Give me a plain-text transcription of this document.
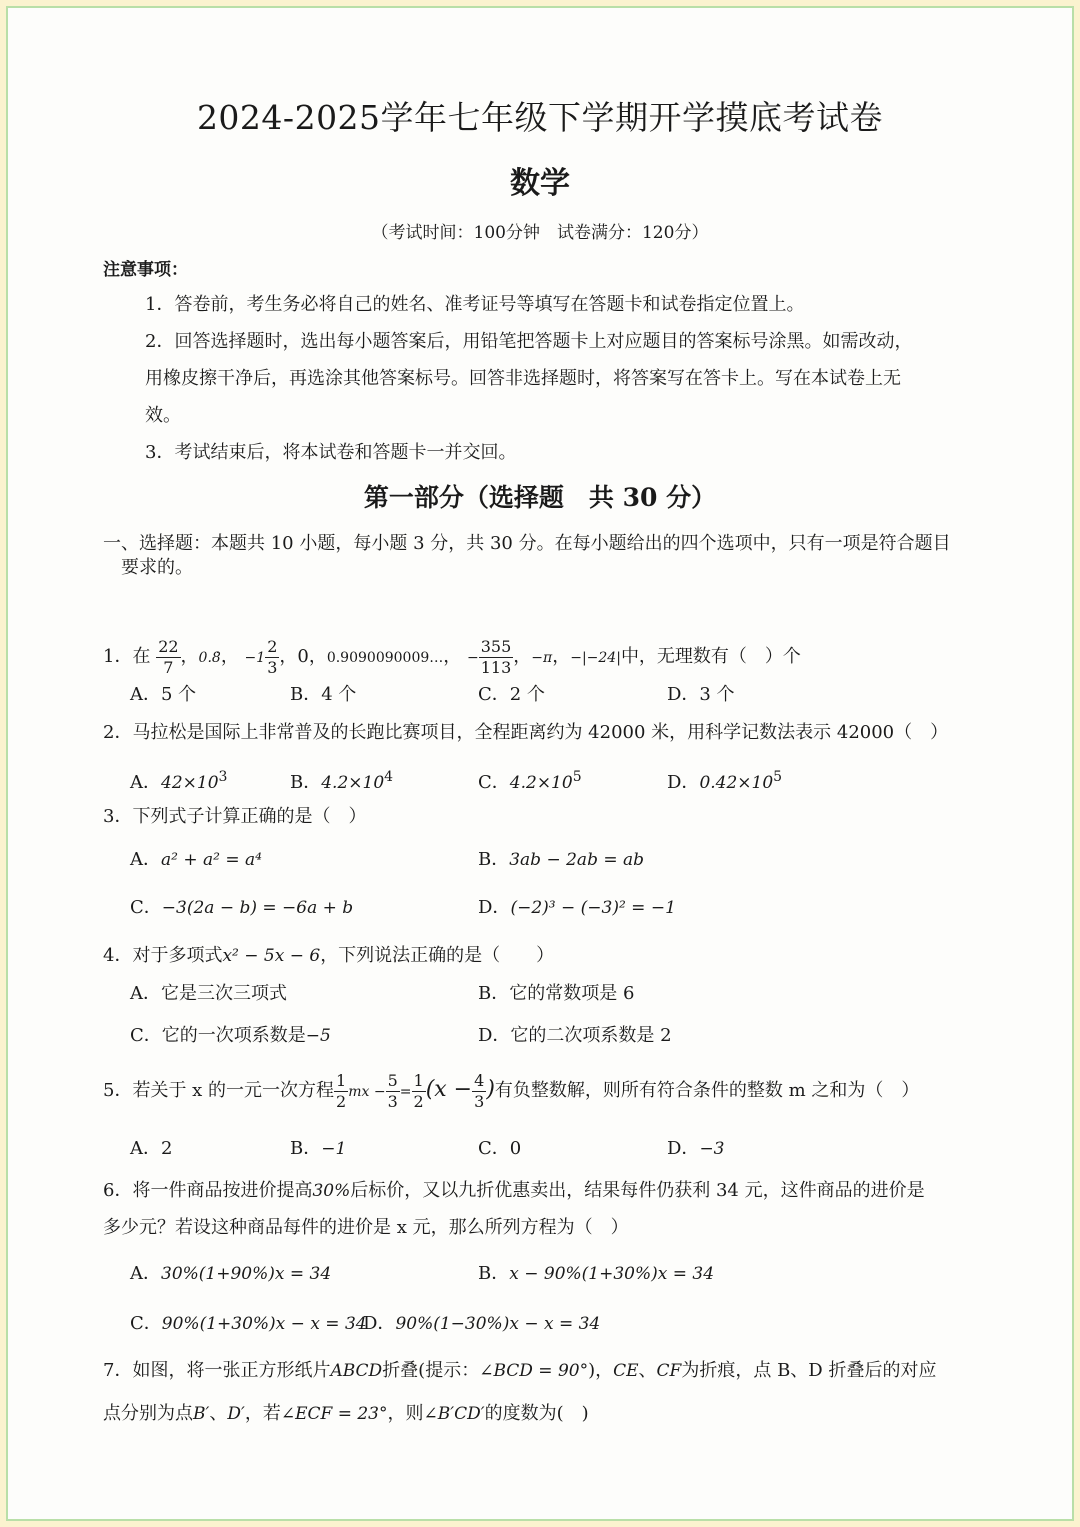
2024-2025学年七年级下学期开学摸底考试卷
数学
（考试时间：100分钟　试卷满分：120分）
注意事项：
1．答卷前，考生务必将自己的姓名、准考证号等填写在答题卡和试卷指定位置上。
2．回答选择题时，选出每小题答案后，用铅笔把答题卡上对应题目的答案标号涂黑。如需改动，
用橡皮擦干净后，再选涂其他答案标号。回答非选择题时，将答案写在答卡上。写在本试卷上无
效。
3．考试结束后，将本试卷和答题卡一并交回。
第一部分（选择题　共 30 分）
一、选择题：本题共 10 小题，每小题 3 分，共 30 分。在每小题给出的四个选项中，只有一项是符合题目
要求的。
1．在 $\frac{22}{7}$ ，0.8̇， $-1 \frac{2}{3}$ ，0，0.9090090009…， − $\frac{355}{113}$ ，−π，−|−24|中，无理数有（　）个
A．5 个	B．4 个	C．2 个	D．3 个
2．马拉松是国际上非常普及的长跑比赛项目，全程距离约为 42000 米，用科学记数法表示 42000（　）
A．$42\times 10^3$	B．$4.2\times 10^4$	C．$4.2\times 10^5$	D．$0.42\times 10^5$
3．下列式子计算正确的是（　）
A．a² + a² = a⁴	B．3ab − 2ab = ab
C．−3(2a − b) = −6a + b	D．(−2)³ − (−3)² = −1
4．对于多项式x² − 5x − 6，下列说法正确的是（　　）
A．它是三次三项式	B．它的常数项是 6
C．它的一次项系数是−5	D．它的二次项系数是 2
5．若关于 x 的一元一次方程 $\frac{1}{2}$ mx − $\frac{5}{3} = \frac{1}{2} (x - \frac{4}{3}$ )有负整数解，则所有符合条件的整数 m 之和为（　）
A．2	B．−1	C．0	D．−3
6．将一件商品按进价提高30%后标价，又以九折优惠卖出，结果每件仍获利 34 元，这件商品的进价是
多少元？若设这种商品每件的进价是 x 元，那么所列方程为（　）
A．30%(1+90%)x = 34	B．x − 90%(1+30%)x = 34
C．90%(1+30%)x − x = 34
D．90%(1−30%)x − x = 34
7．如图，将一张正方形纸片ABCD折叠(提示：∠BCD = 90°)，CE、CF为折痕，点 B、D 折叠后的对应
点分别为点B′、D′，若∠ECF = 23°，则∠B′CD′的度数为(　)
